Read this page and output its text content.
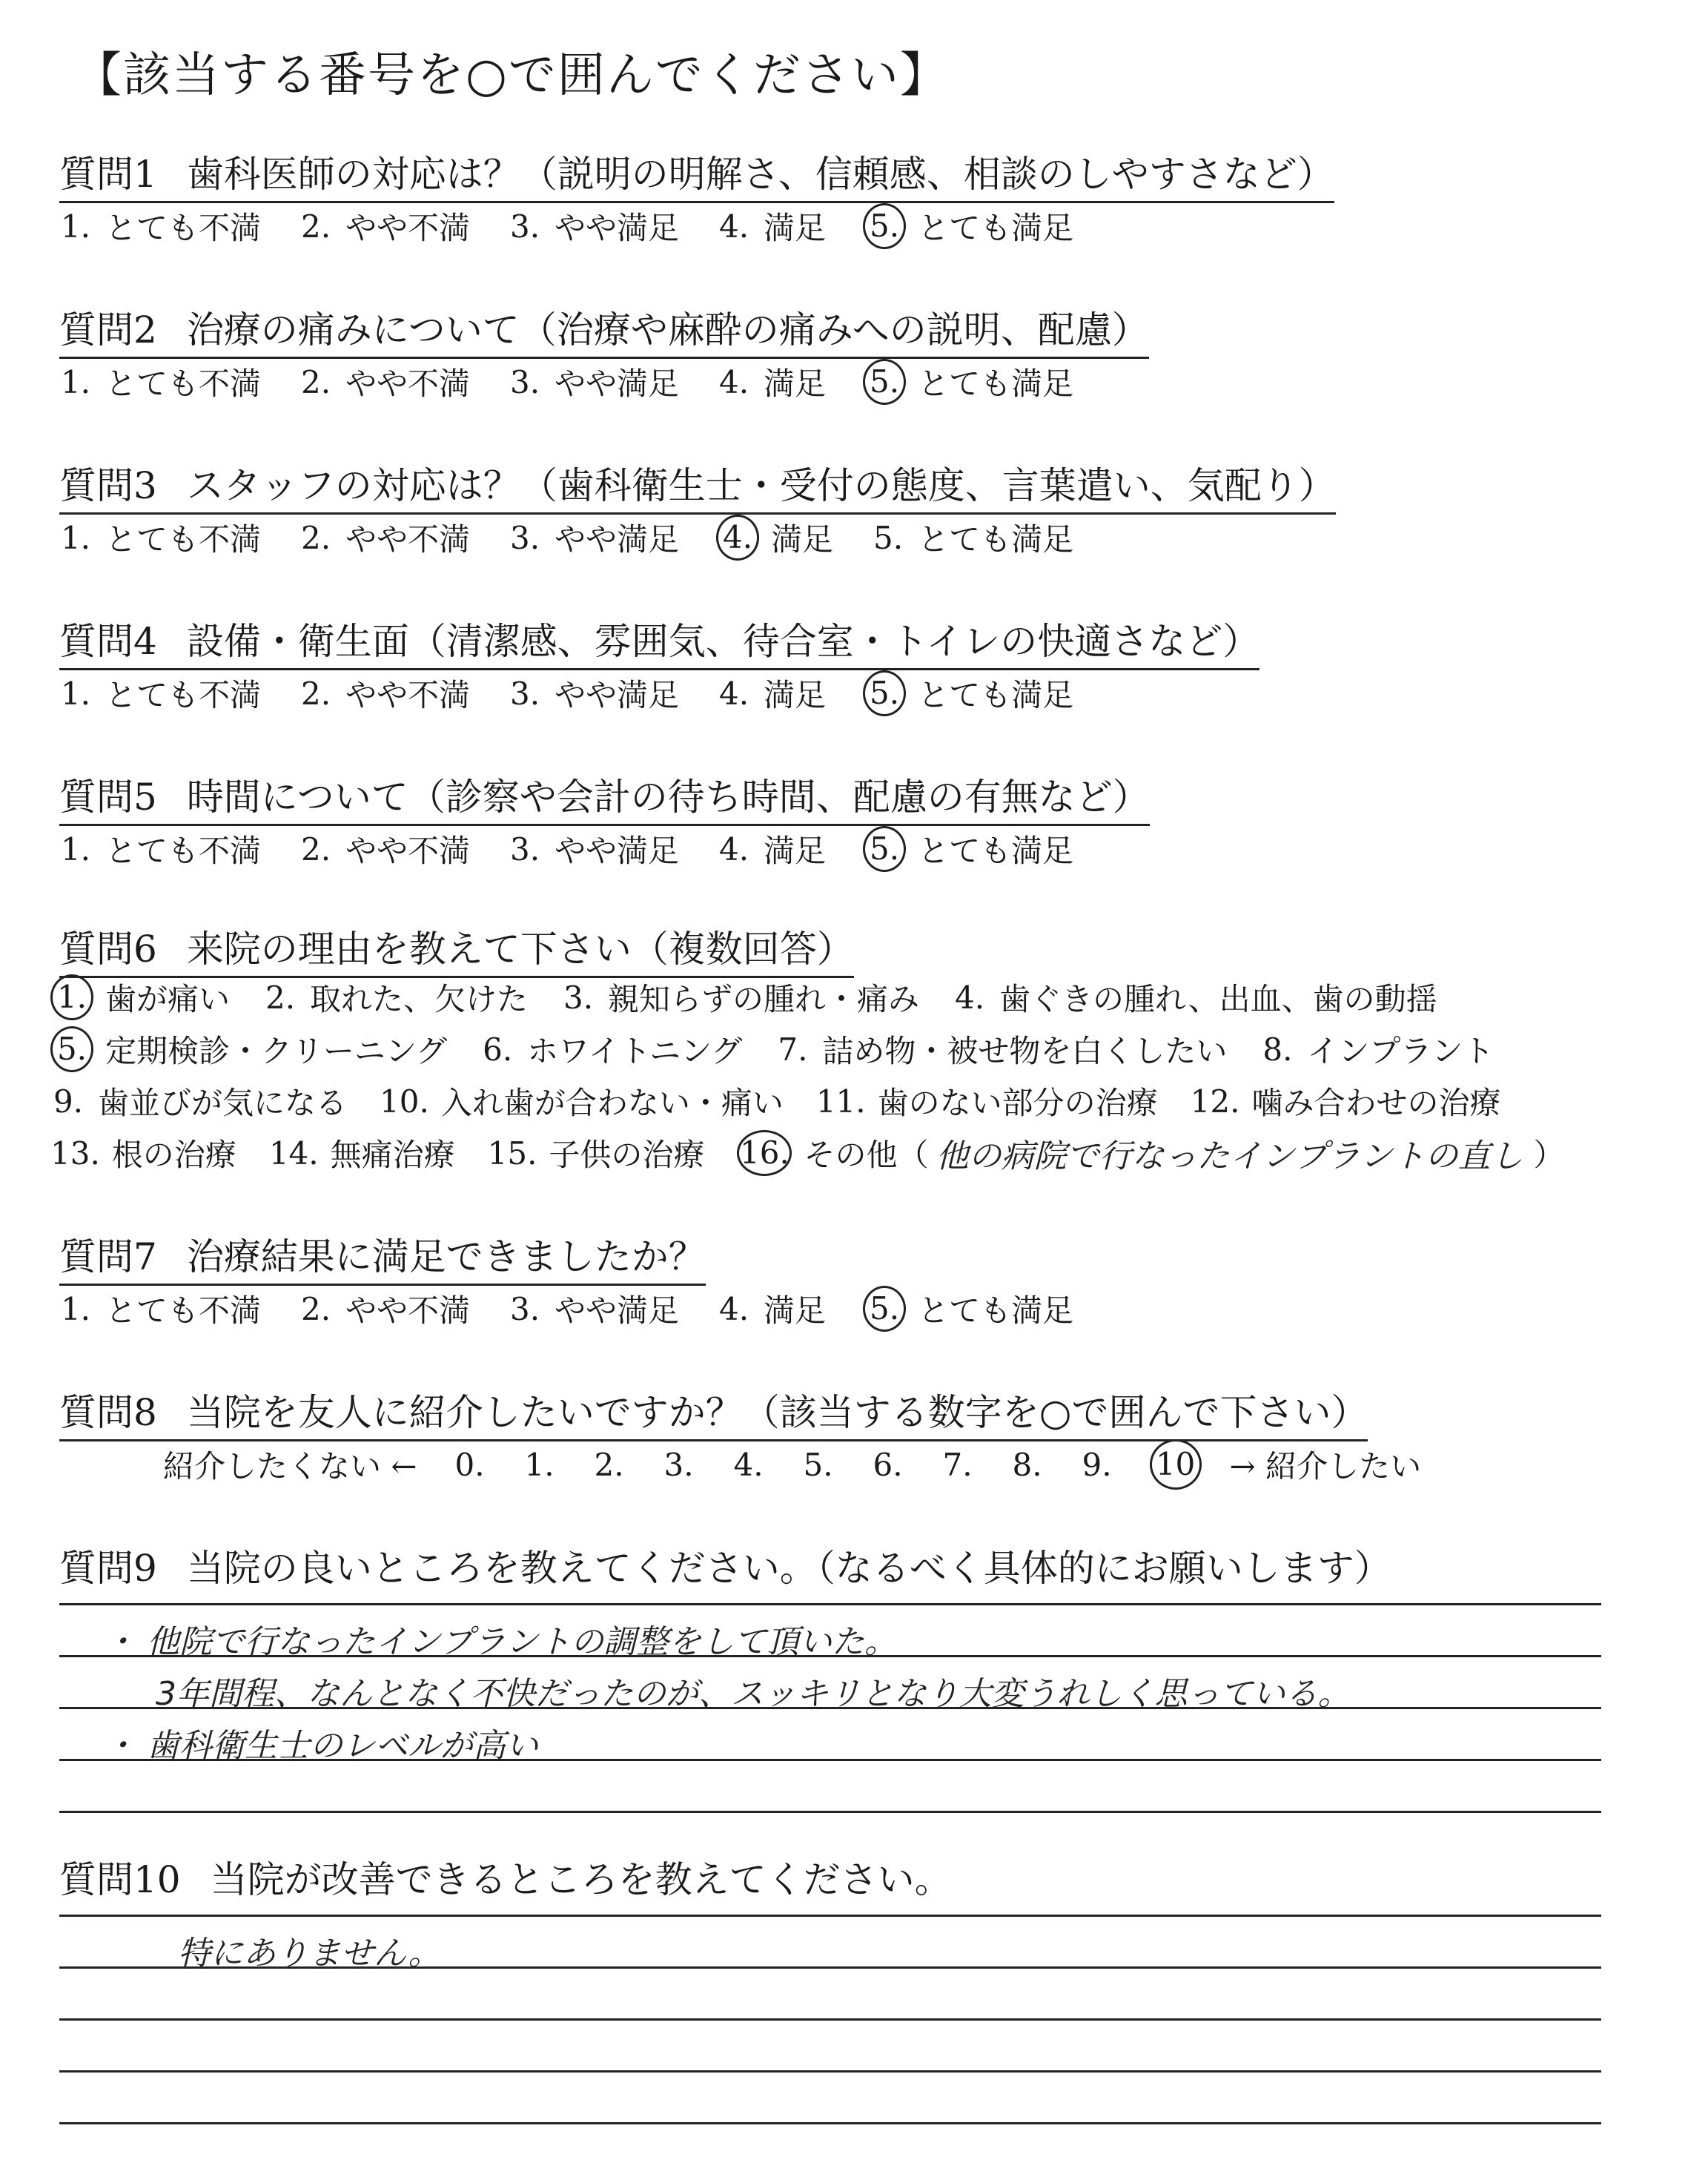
【該当する番号を○で囲んでください】
質問1 歯科医師の対応は？（説明の明解さ、信頼感、相談のしやすさなど）
1. とても不満 2. やや不満 3. やや満足 4. 満足 5. とても満足
質問2 治療の痛みについて（治療や麻酔の痛みへの説明、配慮）
1. とても不満 2. やや不満 3. やや満足 4. 満足 5. とても満足
質問3 スタッフの対応は？（歯科衛生士・受付の態度、言葉遣い、気配り）
1. とても不満 2. やや不満 3. やや満足 4. 満足 5. とても満足
質問4 設備・衛生面（清潔感、雰囲気、待合室・トイレの快適さなど）
1. とても不満 2. やや不満 3. やや満足 4. 満足 5. とても満足
質問5 時間について（診察や会計の待ち時間、配慮の有無など）
1. とても不満 2. やや不満 3. やや満足 4. 満足 5. とても満足
質問6 来院の理由を教えて下さい（複数回答）
1. 歯が痛い 2. 取れた、欠けた 3. 親知らずの腫れ・痛み 4. 歯ぐきの腫れ、出血、歯の動揺
5. 定期検診・クリーニング 6. ホワイトニング 7. 詰め物・被せ物を白くしたい 8. インプラント
9. 歯並びが気になる 10. 入れ歯が合わない・痛い 11. 歯のない部分の治療 12. 噛み合わせの治療
13. 根の治療 14. 無痛治療 15. 子供の治療 16. その他（ 他の病院で行なったインプラントの直し ）
質問7 治療結果に満足できましたか？
1. とても不満 2. やや不満 3. やや満足 4. 満足 5. とても満足
質問8 当院を友人に紹介したいですか？（該当する数字を○で囲んで下さい）
紹介したくない ← 0. 1. 2. 3. 4. 5. 6. 7. 8. 9. 10 → 紹介したい
質問9 当院の良いところを教えてください。（なるべく具体的にお願いします）
・ 他院で行なったインプラントの調整をして頂いた。
3年間程、なんとなく不快だったのが、スッキリとなり大変うれしく思っている。
・ 歯科衛生士のレベルが高い
質問10 当院が改善できるところを教えてください。
特にありません。
